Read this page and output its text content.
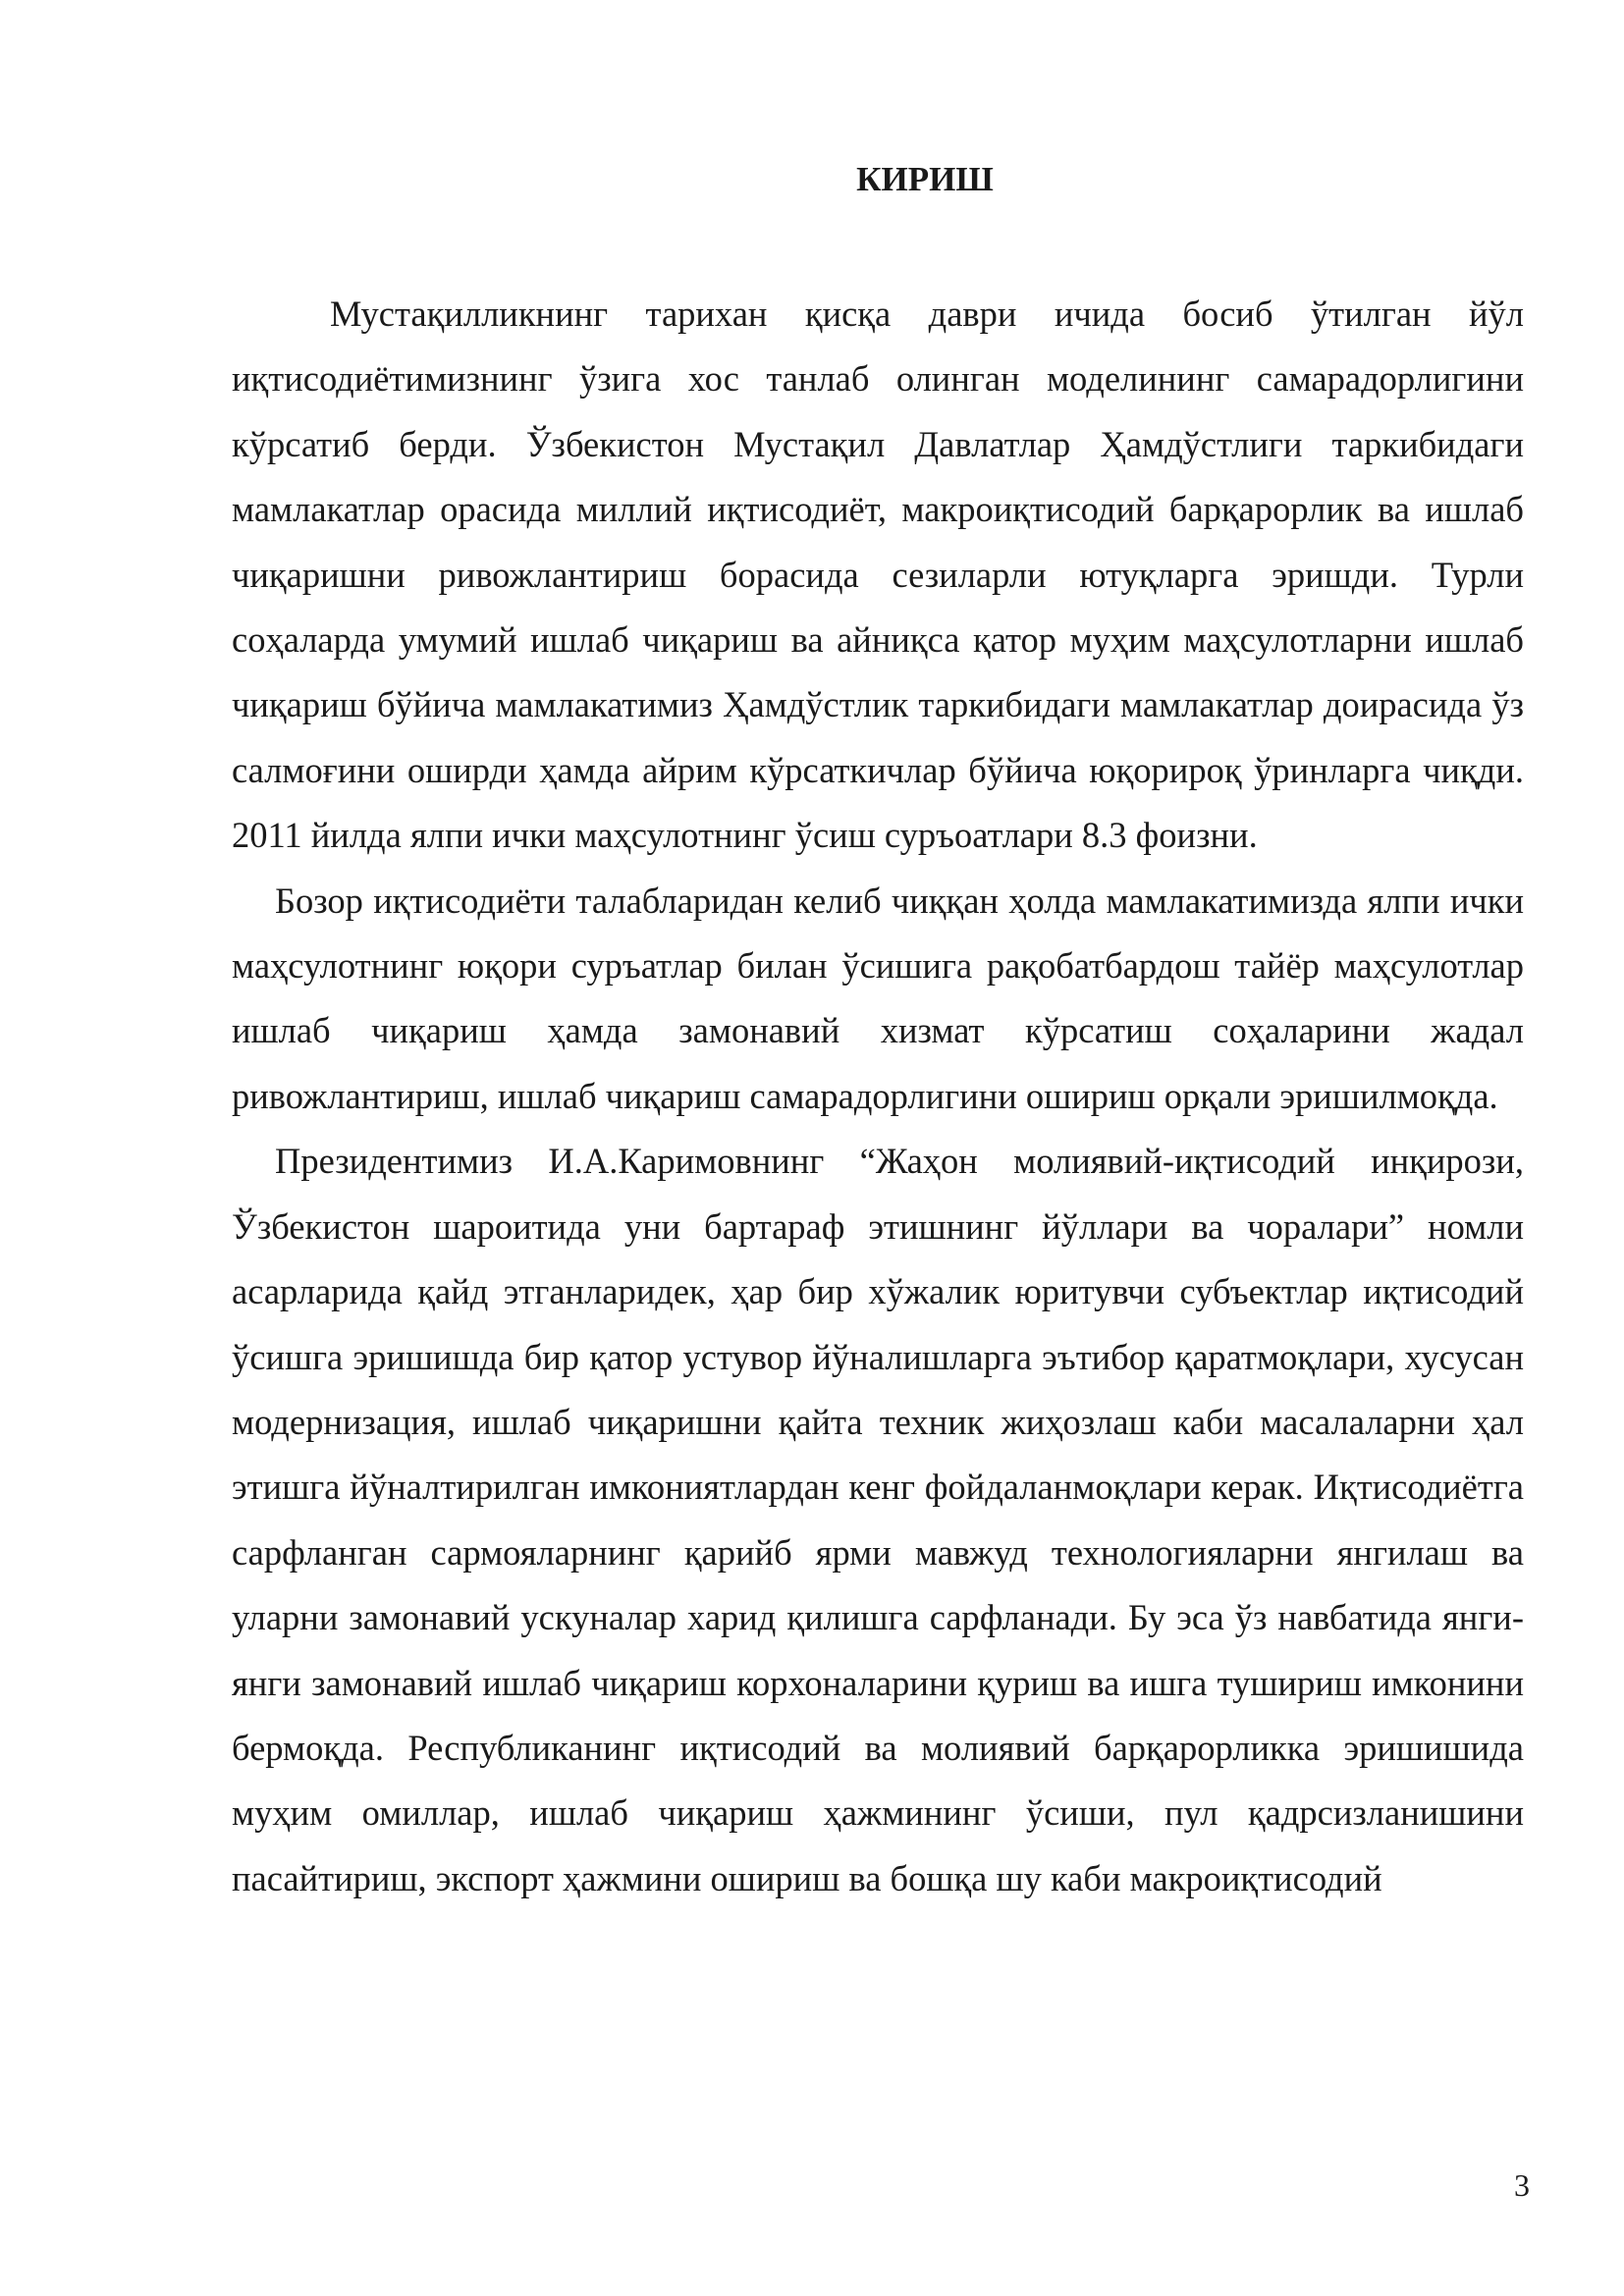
КИРИШ

Мустақилликнинг тарихан қисқа даври ичида босиб ўтилган йўл иқтисодиётимизнинг ўзига хос танлаб олинган моделининг самарадорлигини кўрсатиб берди. Ўзбекистон Мустақил Давлатлар Ҳамдўстлиги таркибидаги мамлакатлар орасида миллий иқтисодиёт, макроиқтисодий барқарорлик ва ишлаб чиқаришни ривожлантириш борасида сезиларли ютуқларга эришди. Турли соҳаларда умумий ишлаб чиқариш ва айниқса қатор муҳим маҳсулотларни ишлаб чиқариш бўйича мамлакатимиз Ҳамдўстлик таркибидаги мамлакатлар доирасида ўз салмоғини оширди ҳамда айрим кўрсаткичлар бўйича юқорироқ ўринларга чиқди. 2011 йилда ялпи ички маҳсулотнинг ўсиш суръоатлари 8.3 фоизни.

Бозор иқтисодиёти талабларидан келиб чиққан ҳолда мамлакатимизда ялпи ички маҳсулотнинг юқори суръатлар билан ўсишига рақобатбардош тайёр маҳсулотлар ишлаб чиқариш ҳамда замонавий хизмат кўрсатиш соҳаларини жадал ривожлантириш, ишлаб чиқариш самарадорлигини ошириш орқали эришилмоқда.

Президентимиз И.А.Каримовнинг “Жаҳон молиявий-иқтисодий инқирози, Ўзбекистон шароитида уни бартараф этишнинг йўллари ва чоралари” номли асарларида қайд этганларидек, ҳар бир хўжалик юритувчи субъектлар иқтисодий ўсишга эришишда бир қатор устувор йўналишларга эътибор қаратмоқлари, хусусан модернизация, ишлаб чиқаришни қайта техник жиҳозлаш каби масалаларни ҳал этишга йўналтирилган имкониятлардан кенг фойдаланмоқлари керак. Иқтисодиётга сарфланган сармояларнинг қарийб ярми мавжуд технологияларни янгилаш ва уларни замонавий ускуналар харид қилишга сарфланади. Бу эса ўз навбатида янги-янги замонавий ишлаб чиқариш корхоналарини қуриш ва ишга тушириш имконини бермоқда. Республиканинг иқтисодий ва молиявий барқарорликка эришишида муҳим омиллар, ишлаб чиқариш ҳажмининг ўсиши, пул қадрсизланишини пасайтириш, экспорт ҳажмини ошириш ва бошқа шу каби макроиқтисодий

3
